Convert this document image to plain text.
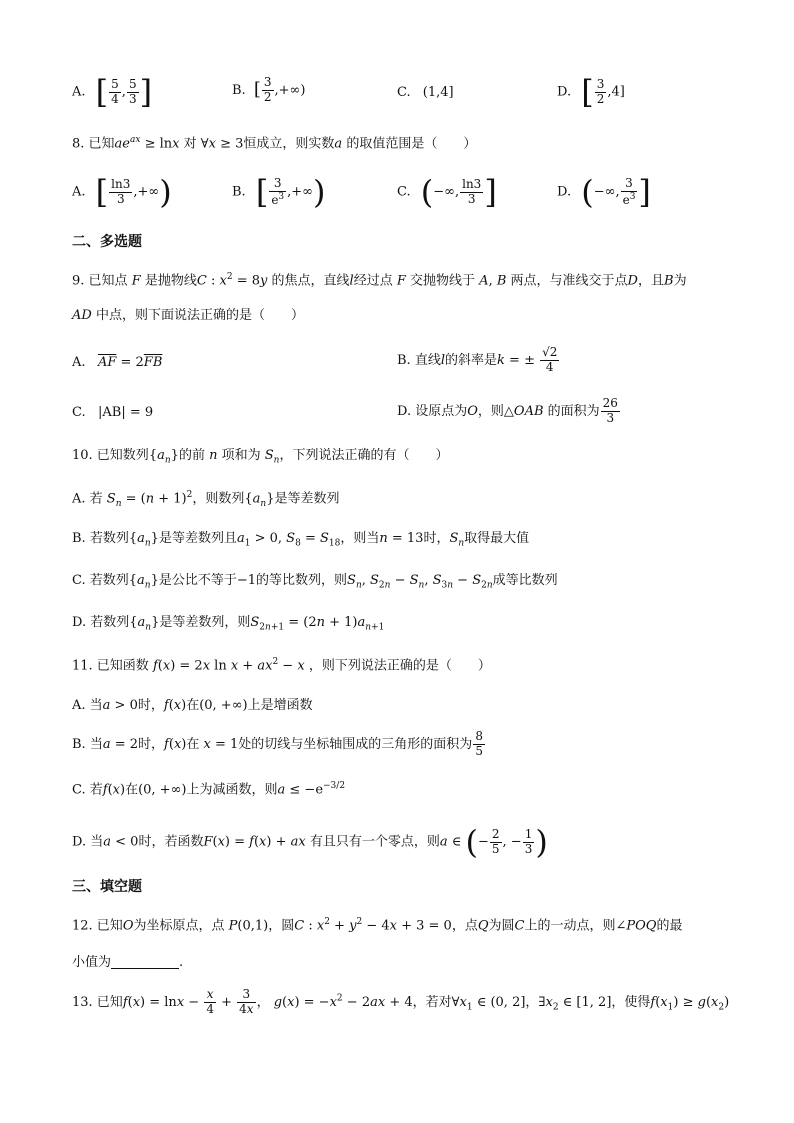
A. [ $\frac{5}{4}$ , $\frac{5}{3}$ ]	B. [ $\frac{3}{2}$ ,+∞)	C. (1,4]	D. [ $\frac{3}{2} ,4$]
8. 已知$ae^{ax} \ge \ln x$ 对 ∀x ≥ 3恒成立，则实数a 的取值范围是（　　）
A. [ $\frac{\ln 3}{3}$ ,+∞)	B. [ $\frac{3}{e^3}$ ,+∞)	C. (−∞, $\frac{\ln 3}{3}$ ]	D. (−∞, $\frac{3}{e^3}$ ]
二、多选题
9. 已知点 F 是抛物线C : $x^2 = 8y$ 的焦点，直线l经过点 F 交抛物线于 A, B 两点，与准线交于点D，且B为
AD 中点，则下面说法正确的是（　　）
A. $\overline{AF} = 2\overline{FB}$	B. 直线l的斜率是k = ± $\frac{√2}{4}$
C. |AB| = 9	D. 设原点为O，则△OAB 的面积为 $\frac{26}{3}$
10. 已知数列$\{a_n\}$的前 n 项和为 $S_n$，下列说法正确的有（　　）
A. 若 $S_n = (n + 1)^2$，则数列$\{a_n\}$是等差数列
B. 若数列$\{a_n\}$是等差数列且$a_1 > 0$, $S_8 = S_{18}$，则当n = 13时，$S_n$取得最大值
C. 若数列$\{a_n\}$是公比不等于−1的等比数列，则$S_n$, $S_{2n} - S_n$, $S_{3n} - S_{2n}$成等比数列
D. 若数列$\{a_n\}$是等差数列，则$S_{2n+1} = (2n + 1)a_{n+1}$
11. 已知函数 f(x) = 2x $\ln x + ax^2 - x$ ，则下列说法正确的是（　　）
A. 当a > 0时，f(x)在(0, +∞)上是增函数
B. 当a = 2时，f(x)在 x = 1处的切线与坐标轴围成的三角形的面积为 $\frac{8}{5}$
C. 若f(x)在(0, +∞)上为减函数，则$a \le -e^{-3/2}$
D. 当a < 0时，若函数F(x) = f(x) + ax 有且只有一个零点，则a ∈ (− $\frac{2}{5}$ , − $\frac{1}{3}$ )
三、填空题
12. 已知O为坐标原点，点 P(0,1)，圆C : $x^2 + y^2 - 4x + 3 = 0$，点Q为圆C上的一动点，则∠POQ的最
小值为	.
13. 已知$f(x) = \ln x - \frac{x}{4} + \frac{3}{4x}$ ， $g(x) = -x^2 - 2ax + 4$，若对$\forall x_1$ ∈ (0, 2]，$\exists x_2$ ∈ [1, 2]，使得$f(x_1) \ge g(x_2)$
